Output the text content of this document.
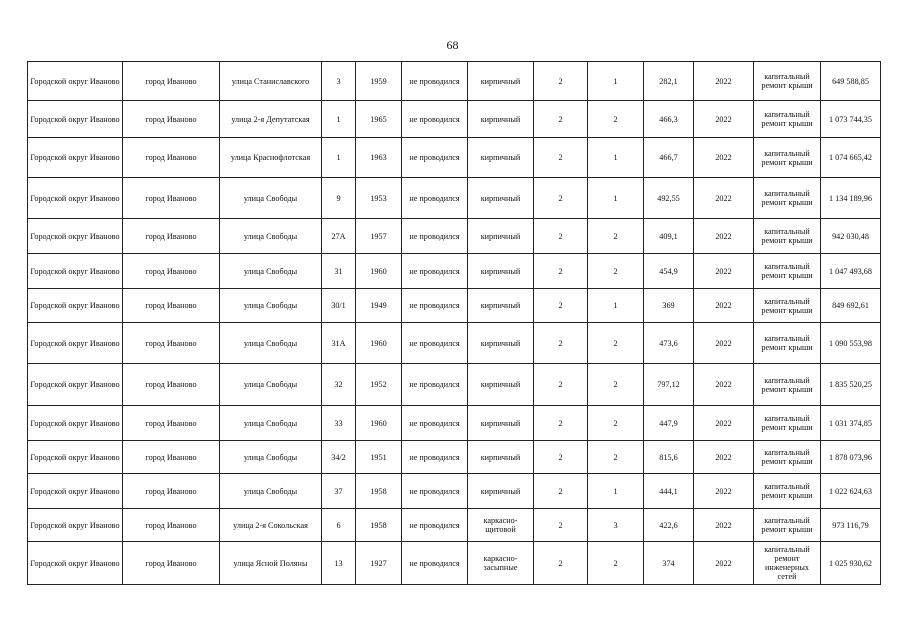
68
Городской округ Иваново	город Иваново	улица Станиславского	3	1959	не проводился	кирпичный	2	1	282,1	2022	капитальный ремонт крыши	649 588,85
Городской округ Иваново	город Иваново	улица 2-я Депутатская	1	1965	не проводился	кирпичный	2	2	466,3	2022	капитальный ремонт крыши	1 073 744,35
Городской округ Иваново	город Иваново	улица Краснофлотская	1	1963	не проводился	кирпичный	2	1	466,7	2022	капитальный ремонт крыши	1 074 665,42
Городской округ Иваново	город Иваново	улица Свободы	9	1953	не проводился	кирпичный	2	1	492,55	2022	капитальный ремонт крыши	1 134 189,96
Городской округ Иваново	город Иваново	улица Свободы	27А	1957	не проводился	кирпичный	2	2	409,1	2022	капитальный ремонт крыши	942 030,48
Городской округ Иваново	город Иваново	улица Свободы	31	1960	не проводился	кирпичный	2	2	454,9	2022	капитальный ремонт крыши	1 047 493,68
Городской округ Иваново	город Иваново	улица Свободы	30/1	1949	не проводился	кирпичный	2	1	369	2022	капитальный ремонт крыши	849 692,61
Городской округ Иваново	город Иваново	улица Свободы	31А	1960	не проводился	кирпичный	2	2	473,6	2022	капитальный ремонт крыши	1 090 553,98
Городской округ Иваново	город Иваново	улица Свободы	32	1952	не проводился	кирпичный	2	2	797,12	2022	капитальный ремонт крыши	1 835 520,25
Городской округ Иваново	город Иваново	улица Свободы	33	1960	не проводился	кирпичный	2	2	447,9	2022	капитальный ремонт крыши	1 031 374,85
Городской округ Иваново	город Иваново	улица Свободы	34/2	1951	не проводился	кирпичный	2	2	815,6	2022	капитальный ремонт крыши	1 878 073,96
Городской округ Иваново	город Иваново	улица Свободы	37	1958	не проводился	кирпичный	2	1	444,1	2022	капитальный ремонт крыши	1 022 624,63
Городской округ Иваново	город Иваново	улица 2-я Сокольская	6	1958	не проводился	каркасно-щитовой	2	3	422,6	2022	капитальный ремонт крыши	973 116,79
Городской округ Иваново	город Иваново	улица Ясной Поляны	13	1927	не проводился	каркасно-засыпные	2	2	374	2022	капитальный ремонт инженерных сетей	1 025 930,62
